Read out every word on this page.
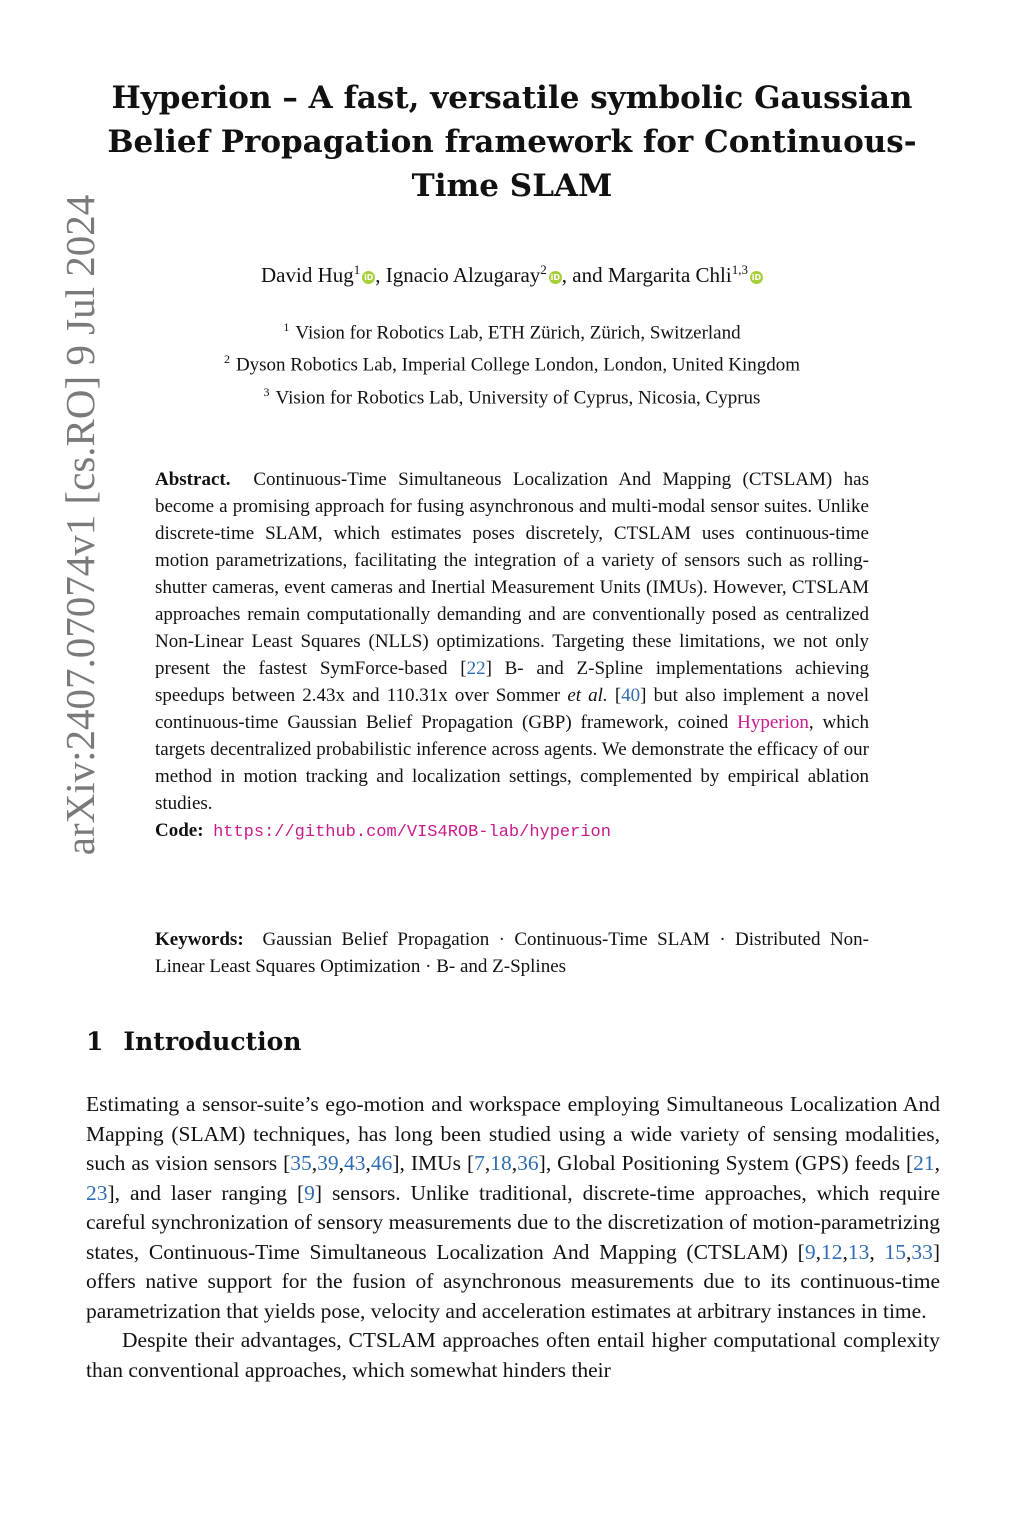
arXiv:2407.07074v1 [cs.RO] 9 Jul 2024
Hyperion – A fast, versatile symbolic Gaussian Belief Propagation framework for Continuous-Time SLAM
David Hug$^1$iD, Ignacio Alzugaray$^2$iD, and Margarita Chli$^{1,3}$iD
$^1$ Vision for Robotics Lab, ETH Zürich, Zürich, Switzerland
$^2$ Dyson Robotics Lab, Imperial College London, London, United Kingdom
$^3$ Vision for Robotics Lab, University of Cyprus, Nicosia, Cyprus

Abstract. Continuous-Time Simultaneous Localization And Mapping (CTSLAM) has become a promising approach for fusing asynchronous and multi-modal sensor suites. Unlike discrete-time SLAM, which estimates poses discretely, CTSLAM uses continuous-time motion parametrizations, facilitating the integration of a variety of sensors such as rolling-shutter cameras, event cameras and Inertial Measurement Units (IMUs). However, CTSLAM approaches remain computationally demanding and are conventionally posed as centralized Non-Linear Least Squares (NLLS) optimizations. Targeting these limitations, we not only present the fastest SymForce-based [22] B- and Z-Spline implementations achieving speedups between 2.43x and 110.31x over Sommer et al. [40] but also implement a novel continuous-time Gaussian Belief Propagation (GBP) framework, coined Hyperion, which targets decentralized probabilistic inference across agents. We demonstrate the efficacy of our method in motion tracking and localization settings, complemented by empirical ablation studies.

Code: https://github.com/VIS4ROB-lab/hyperion

Keywords: Gaussian Belief Propagation · Continuous-Time SLAM · Distributed Non-Linear Least Squares Optimization · B- and Z-Splines
1 Introduction

Estimating a sensor-suite’s ego-motion and workspace employing Simultaneous Localization And Mapping (SLAM) techniques, has long been studied using a wide variety of sensing modalities, such as vision sensors [35,39,43,46], IMUs [7,18,36], Global Positioning System (GPS) feeds [21, 23], and laser ranging [9] sensors. Unlike traditional, discrete-time approaches, which require careful synchronization of sensory measurements due to the discretization of motion-parametrizing states, Continuous-Time Simultaneous Localization And Mapping (CTSLAM) [9,12,13, 15,33] offers native support for the fusion of asynchronous measurements due to its continuous-time parametrization that yields pose, velocity and acceleration estimates at arbitrary instances in time.

Despite their advantages, CTSLAM approaches often entail higher computational complexity than conventional approaches, which somewhat hinders their
